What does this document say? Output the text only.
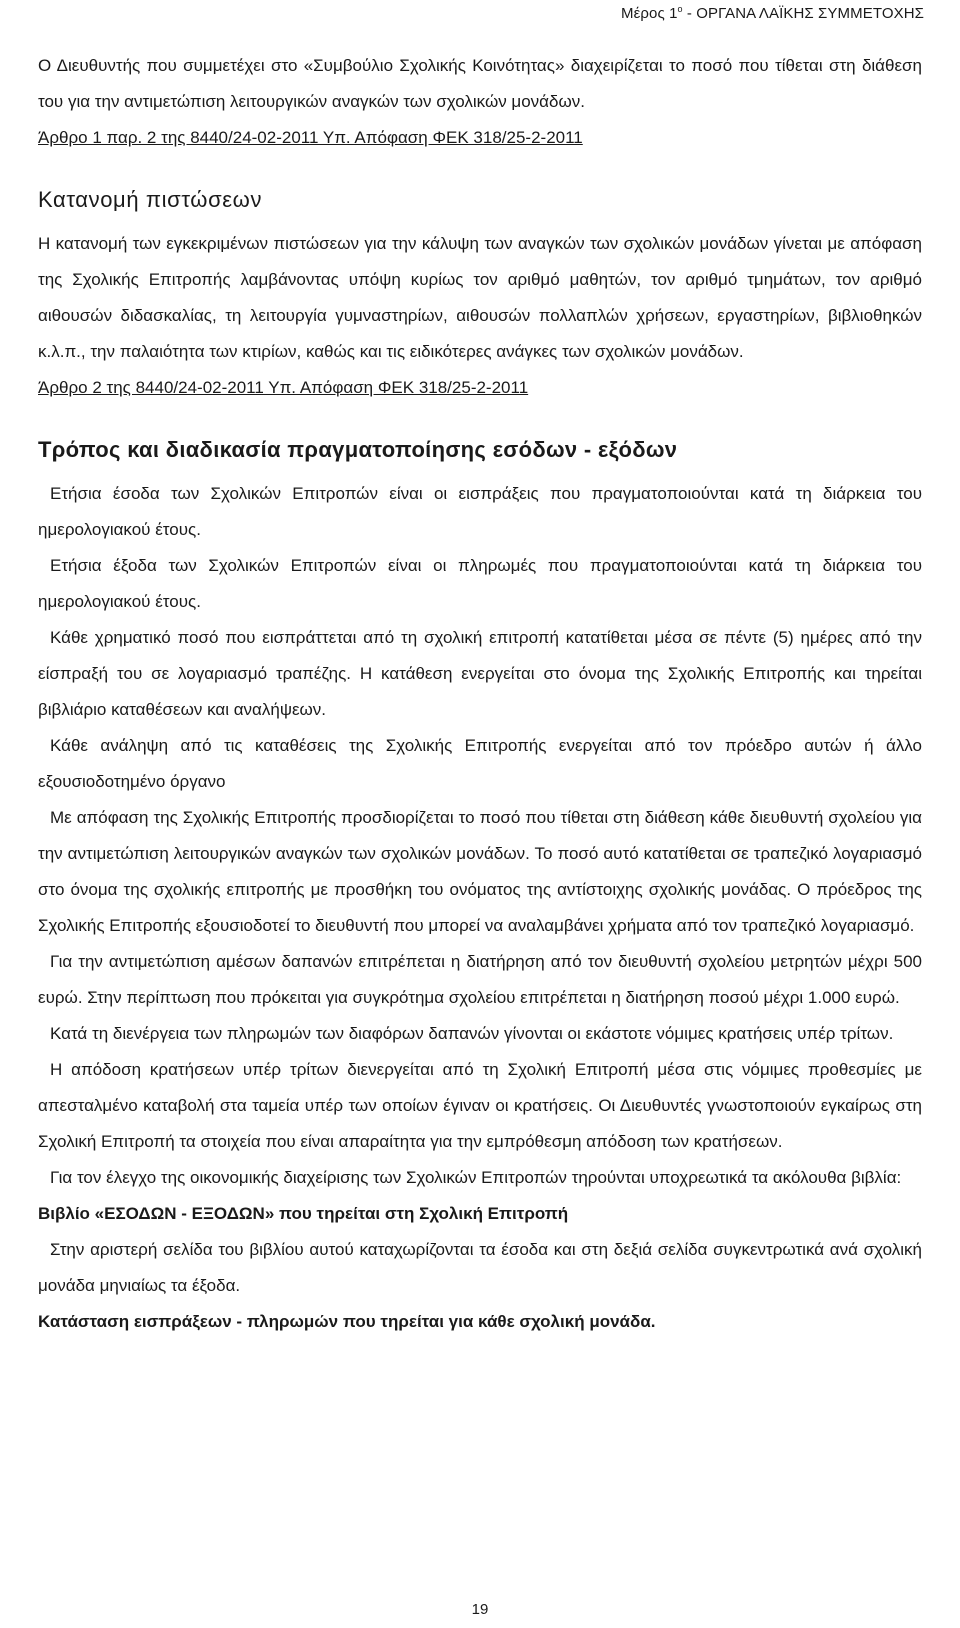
Μέρος $1^o$ - ΟΡΓΑΝΑ ΛΑΪΚΗΣ ΣΥΜΜΕΤΟΧΗΣ

Ο Διευθυντής που συμμετέχει στο «Συμβούλιο Σχολικής Κοινότητας» διαχειρίζεται το ποσό που τίθεται στη διάθεση του για την αντιμετώπιση λειτουργικών αναγκών των σχολικών μονάδων.

Άρθρο 1 παρ. 2 της 8440/24-02-2011 Υπ. Απόφαση ΦΕΚ 318/25-2-2011

Κατανομή πιστώσεων

Η κατανομή των εγκεκριμένων πιστώσεων για την κάλυψη των αναγκών των σχολικών μονάδων γίνεται με απόφαση της Σχολικής Επιτροπής λαμβάνοντας υπόψη κυρίως τον αριθμό μαθητών, τον αριθμό τμημάτων, τον αριθμό αιθουσών διδασκαλίας, τη λειτουργία γυμναστηρίων, αιθουσών πολλαπλών χρήσεων, εργαστηρίων, βιβλιοθηκών κ.λ.π., την παλαιότητα των κτιρίων, καθώς και τις ειδικότερες ανάγκες των σχολικών μονάδων.

Άρθρο 2 της 8440/24-02-2011 Υπ. Απόφαση ΦΕΚ 318/25-2-2011

Τρόπος και διαδικασία πραγματοποίησης εσόδων - εξόδων

Ετήσια έσοδα των Σχολικών Επιτροπών είναι οι εισπράξεις που πραγματοποιούνται κατά τη διάρκεια του ημερολογιακού έτους.

Ετήσια έξοδα των Σχολικών Επιτροπών είναι οι πληρωμές που πραγματοποιούνται κατά τη διάρκεια του ημερολογιακού έτους.

Κάθε χρηματικό ποσό που εισπράττεται από τη σχολική επιτροπή κατατίθεται μέσα σε πέντε (5) ημέρες από την είσπραξή του σε λογαριασμό τραπέζης. Η κατάθεση ενεργείται στο όνομα της Σχολικής Επιτροπής και τηρείται βιβλιάριο καταθέσεων και αναλήψεων.

Κάθε ανάληψη από τις καταθέσεις της Σχολικής Επιτροπής ενεργείται από τον πρόεδρο αυτών ή άλλο εξουσιοδοτημένο όργανο

Με απόφαση της Σχολικής Επιτροπής προσδιορίζεται το ποσό που τίθεται στη διάθεση κάθε διευθυντή σχολείου για την αντιμετώπιση λειτουργικών αναγκών των σχολικών μονάδων. Το ποσό αυτό κατατίθεται σε τραπεζικό λογαριασμό στο όνομα της σχολικής επιτροπής με προσθήκη του ονόματος της αντίστοιχης σχολικής μονάδας. Ο πρόεδρος της Σχολικής Επιτροπής εξουσιοδοτεί το διευθυντή που μπορεί να αναλαμβάνει χρήματα από τον τραπεζικό λογαριασμό.

Για την αντιμετώπιση αμέσων δαπανών επιτρέπεται η διατήρηση από τον διευθυντή σχολείου μετρητών μέχρι 500 ευρώ. Στην περίπτωση που πρόκειται για συγκρότημα σχολείου επιτρέπεται η διατήρηση ποσού μέχρι 1.000 ευρώ.

Κατά τη διενέργεια των πληρωμών των διαφόρων δαπανών γίνονται οι εκάστοτε νόμιμες κρατήσεις υπέρ τρίτων.

Η απόδοση κρατήσεων υπέρ τρίτων διενεργείται από τη Σχολική Επιτροπή μέσα στις νόμιμες προθεσμίες με απεσταλμένο καταβολή στα ταμεία υπέρ των οποίων έγιναν οι κρατήσεις. Οι Διευθυντές γνωστοποιούν εγκαίρως στη Σχολική Επιτροπή τα στοιχεία που είναι απαραίτητα για την εμπρόθεσμη απόδοση των κρατήσεων.

Για τον έλεγχο της οικονομικής διαχείρισης των Σχολικών Επιτροπών τηρούνται υποχρεωτικά τα ακόλουθα βιβλία:

Βιβλίο «ΕΣΟΔΩΝ - ΕΞΟΔΩΝ» που τηρείται στη Σχολική Επιτροπή

Στην αριστερή σελίδα του βιβλίου αυτού καταχωρίζονται τα έσοδα και στη δεξιά σελίδα συγκεντρωτικά ανά σχολική μονάδα μηνιαίως τα έξοδα.

Κατάσταση εισπράξεων - πληρωμών που τηρείται για κάθε σχολική μονάδα.

19
